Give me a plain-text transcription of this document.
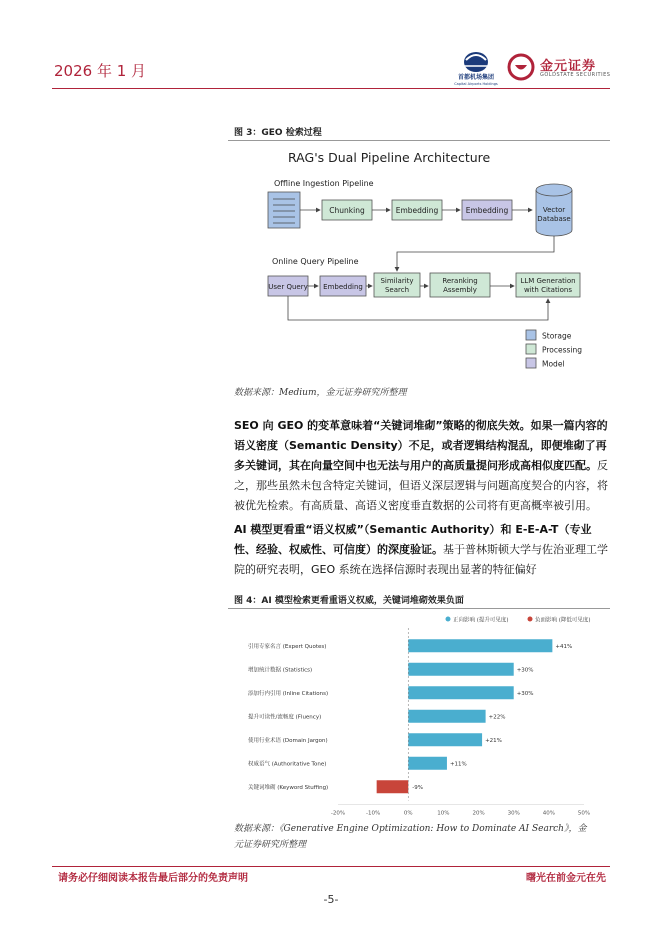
2026 年 1 月	首都机场集团
Capital Airports Holdings
金元证券
GOLDSTATE SECURITIES
图 3：GEO 检索过程
RAG's Dual Pipeline Architecture
Offline Ingestion Pipeline
Online Query Pipeline
Chunking	Embedding	Embedding	Vector
Database
User Query Embedding
Similarity
Search
Reranking
Assembly
LLM Generation
with Citations
Storage
Processing
Model
数据来源：Medium，金元证券研究所整理
SEO 向 GEO 的变革意味着“关键词堆砌”策略的彻底失效。如果一篇内容的语义密度（Semantic Density）不足，或者逻辑结构混乱，即便堆砌了再多关键词，其在向量空间中也无法与用户的高质量提问形成高相似度匹配。反之，那些虽然未包含特定关键词，但语义深层逻辑与问题高度契合的内容，将被优先检索。有高质量、高语义密度垂直数据的公司将有更高概率被引用。
AI 模型更看重“语义权威”（Semantic Authority）和 E-E-A-T（专业性、经验、权威性、可信度）的深度验证。基于普林斯顿大学与佐治亚理工学院的研究表明，GEO 系统在选择信源时表现出显著的特征偏好
图 4：AI 模型检索更看重语义权威，关键词堆砌效果负面
正向影响 (提升可见度)	负面影响 (降低可见度)
引用专家名言 (Expert Quotes)	+41%
增加统计数据 (Statistics)	+30%
添加行内引用 (Inline Citations)	+30%
提升可读性/流畅度 (Fluency)	+22%
使用行业术语 (Domain Jargon)	+21%
权威语气 (Authoritative Tone)	+11%
关键词堆砌 (Keyword Stuffing)	-9%
-20%	-10%	0%	10%	20%	30%	40%	50%
数据来源：《Generative Engine Optimization: How to Dominate AI Search》，金
元证券研究所整理
请务必仔细阅读本报告最后部分的免责声明	曙光在前金元在先
-5-
